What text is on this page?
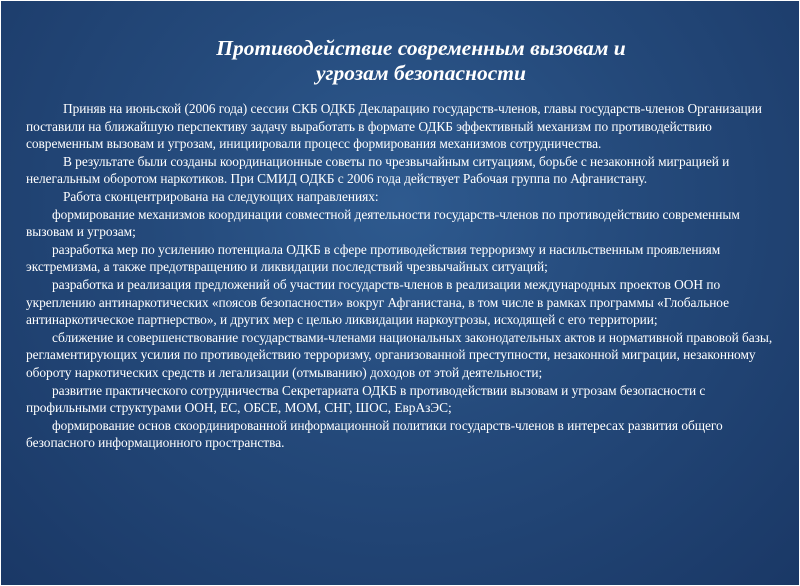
Противодействие современным вызовам и
угрозам безопасности

Приняв на июньской (2006 года) сессии СКБ ОДКБ Декларацию государств-членов, главы государств-членов Организации поставили на ближайшую перспективу задачу выработать в формате ОДКБ эффективный механизм по противодействию современным вызовам и угрозам, инициировали процесс формирования механизмов сотрудничества.

В результате были созданы координационные советы по чрезвычайным ситуациям, борьбе с незаконной миграцией и нелегальным оборотом наркотиков. При СМИД ОДКБ с 2006 года действует Рабочая группа по Афганистану.

Работа сконцентрирована на следующих направлениях:

формирование механизмов координации совместной деятельности государств-членов по противодействию современным вызовам и угрозам;

разработка мер по усилению потенциала ОДКБ в сфере противодействия терроризму и насильственным проявлениям экстремизма, а также предотвращению и ликвидации последствий чрезвычайных ситуаций;

разработка и реализация предложений об участии государств-членов в реализации международных проектов ООН по укреплению антинаркотических «поясов безопасности» вокруг Афганистана, в том числе в рамках программы «Глобальное антинаркотическое партнерство», и других мер с целью ликвидации наркоугрозы, исходящей с его территории;

сближение и совершенствование государствами-членами национальных законодательных актов и нормативной правовой базы, регламентирующих усилия по противодействию терроризму, организованной преступности, незаконной миграции, незаконному обороту наркотических средств и легализации (отмыванию) доходов от этой деятельности;

развитие практического сотрудничества Секретариата ОДКБ в противодействии вызовам и угрозам безопасности с профильными структурами ООН, ЕС, ОБСЕ, МОМ, СНГ, ШОС, ЕврАзЭС;

формирование основ скоординированной информационной политики государств-членов в интересах развития общего безопасного информационного пространства.
